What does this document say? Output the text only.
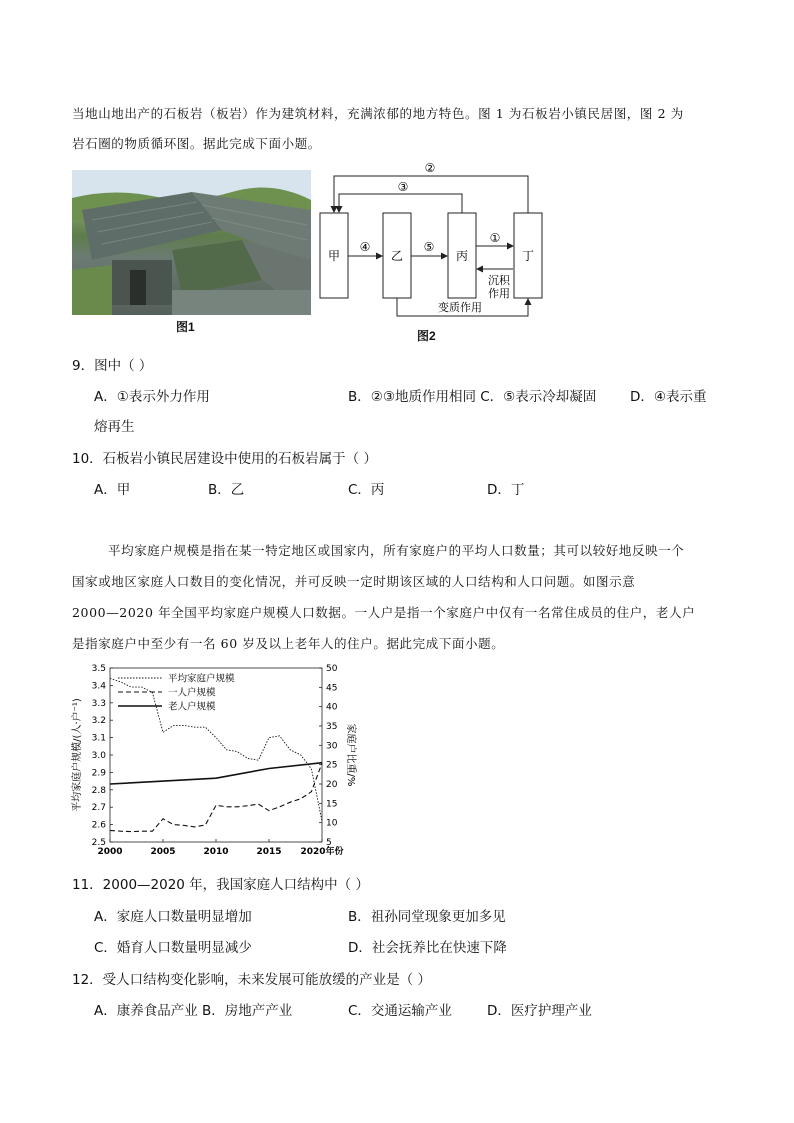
当地山地出产的石板岩（板岩）作为建筑材料，充满浓郁的地方特色。图 1 为石板岩小镇民居图，图 2 为
岩石圈的物质循环图。据此完成下面小题。
图1
甲	乙	丙	丁
②
③
④	⑤
①
沉积
作用
变质作用
图2
9．图中（ ）
A．①表示外力作用	B．②③地质作用相同 C．⑤表示冷却凝固 D．④表示重
熔再生
10．石板岩小镇民居建设中使用的石板岩属于（ ）
A．甲	B．乙	C．丙	D．丁
平均家庭户规模是指在某一特定地区或国家内，所有家庭户的平均人口数量；其可以较好地反映一个
国家或地区家庭人口数目的变化情况，并可反映一定时期该区域的人口结构和人口问题。如图示意
2000—2020 年全国平均家庭户规模人口数据。一人户是指一个家庭户中仅有一名常住成员的住户，老人户
是指家庭户中至少有一名 60 岁及以上老年人的住户。据此完成下面小题。
2000	2005	2010	2015 2020年份
2.5
2.6
2.7
2.8
2.9
3.0
3.1
3.2
3.3
3.4
3.5
5
10
15
20
25
30
35
40
45
50
平均家庭户规模
一人户规模
老人户规模
平均家庭户规模/(人·户⁻¹)	家庭户比重/%
11．2000—2020 年，我国家庭人口结构中（ ）
A．家庭人口数量明显增加	B．祖孙同堂现象更加多见
C．婚育人口数量明显减少	D．社会抚养比在快速下降
12．受人口结构变化影响，未来发展可能放缓的产业是（ ）
A．康养食品产业 B．房地产产业	C．交通运输产业	D．医疗护理产业
